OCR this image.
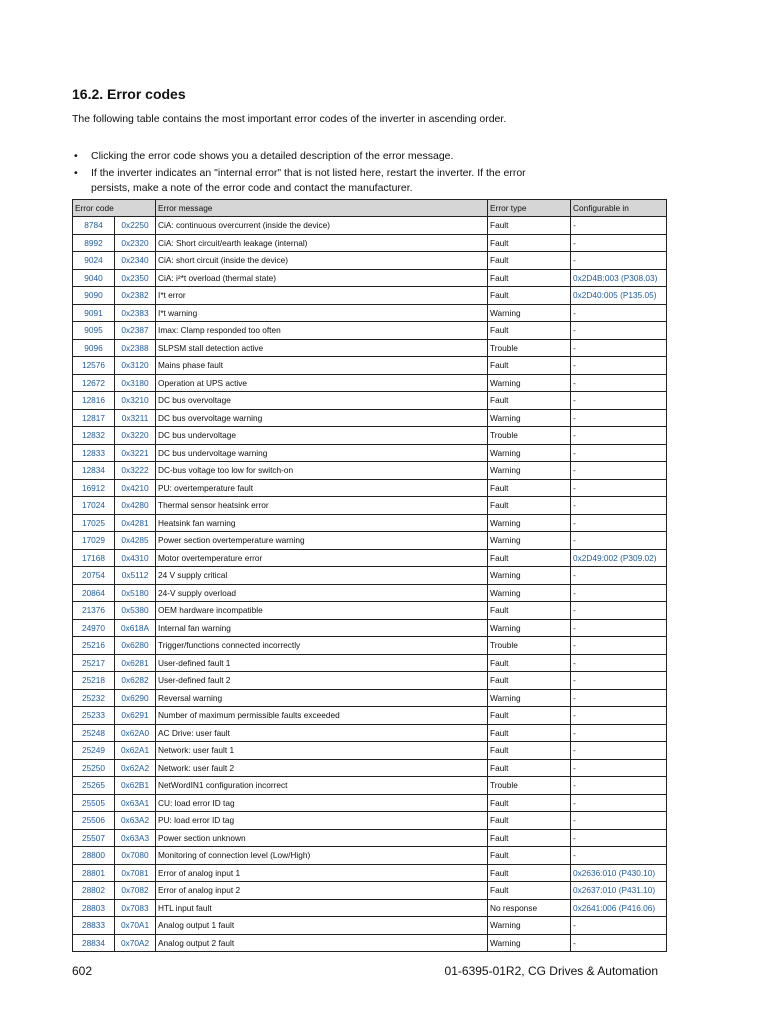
16.2. Error codes
The following table contains the most important error codes of the inverter in ascending order.
• Clicking the error code shows you a detailed description of the error message.
• If the inverter indicates an "internal error" that is not listed here, restart the inverter. If the error persists, make a note of the error code and contact the manufacturer.
Error code		Error message	Error type	Configurable in
8784	0x2250	CiA: continuous overcurrent (inside the device)	Fault	-
8992	0x2320	CiA: Short circuit/earth leakage (internal)	Fault	-
9024	0x2340	CiA: short circuit (inside the device)	Fault	-
9040	0x2350	CiA: i²*t overload (thermal state)	Fault	0x2D4B:003 (P308.03)
9090	0x2382	I*t error	Fault	0x2D40:005 (P135.05)
9091	0x2383	I*t warning	Warning	-
9095	0x2387	Imax: Clamp responded too often	Fault	-
9096	0x2388	SLPSM stall detection active	Trouble	-
12576	0x3120	Mains phase fault	Fault	-
12672	0x3180	Operation at UPS active	Warning	-
12816	0x3210	DC bus overvoltage	Fault	-
12817	0x3211	DC bus overvoltage warning	Warning	-
12832	0x3220	DC bus undervoltage	Trouble	-
12833	0x3221	DC bus undervoltage warning	Warning	-
12834	0x3222	DC-bus voltage too low for switch-on	Warning	-
16912	0x4210	PU: overtemperature fault	Fault	-
17024	0x4280	Thermal sensor heatsink error	Fault	-
17025	0x4281	Heatsink fan warning	Warning	-
17029	0x4285	Power section overtemperature warning	Warning	-
17168	0x4310	Motor overtemperature error	Fault	0x2D49:002 (P309.02)
20754	0x5112	24 V supply critical	Warning	-
20864	0x5180	24-V supply overload	Warning	-
21376	0x5380	OEM hardware incompatible	Fault	-
24970	0x618A	Internal fan warning	Warning	-
25216	0x6280	Trigger/functions connected incorrectly	Trouble	-
25217	0x6281	User-defined fault 1	Fault	-
25218	0x6282	User-defined fault 2	Fault	-
25232	0x6290	Reversal warning	Warning	-
25233	0x6291	Number of maximum permissible faults exceeded	Fault	-
25248	0x62A0	AC Drive: user fault	Fault	-
25249	0x62A1	Network: user fault 1	Fault	-
25250	0x62A2	Network: user fault 2	Fault	-
25265	0x62B1	NetWordIN1 configuration incorrect	Trouble	-
25505	0x63A1	CU: load error ID tag	Fault	-
25506	0x63A2	PU: load error ID tag	Fault	-
25507	0x63A3	Power section unknown	Fault	-
28800	0x7080	Monitoring of connection level (Low/High)	Fault	-
28801	0x7081	Error of analog input 1	Fault	0x2636:010 (P430.10)
28802	0x7082	Error of analog input 2	Fault	0x2637:010 (P431.10)
28803	0x7083	HTL input fault	No response	0x2641:006 (P416.06)
28833	0x70A1	Analog output 1 fault	Warning	-
28834	0x70A2	Analog output 2 fault	Warning	-
602	01-6395-01R2, CG Drives & Automation
